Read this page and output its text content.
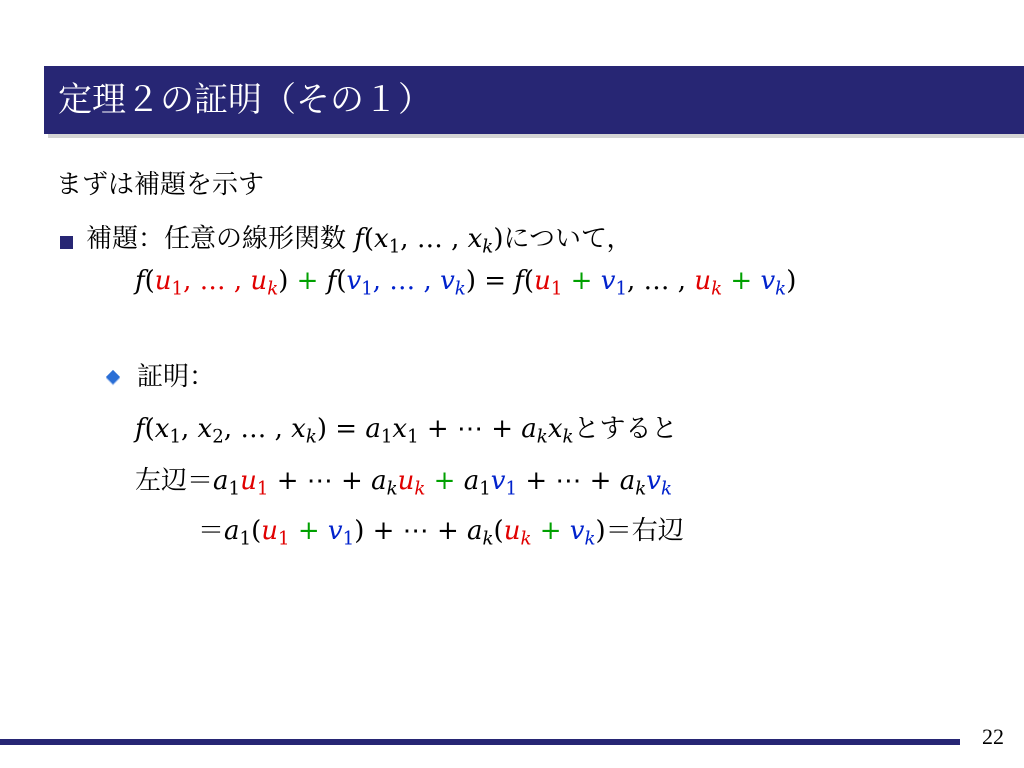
定理２の証明（その１）
まずは補題を示す
補題：任意の線形関数 $f(x_1$, … , $x_k$)について，
$f(u_1$, … , $u_k) + f(v_1$, … , $v_k) = f(u_1 + v_1$, … , $u_k + v_k$)
証明：
$f(x_1$, $x_2$, … , $x_k) = a_1x_1$ + ⋯ + $a_kx_k$とすると
左辺$=a_1u_1$ + ⋯ + $a_ku_k + a_1v_1$ + ⋯ + $a_kv_k$
$=a_1(u_1 + v_1)$ + ⋯ + $a_k(u_k + v_k)=$右辺
22
